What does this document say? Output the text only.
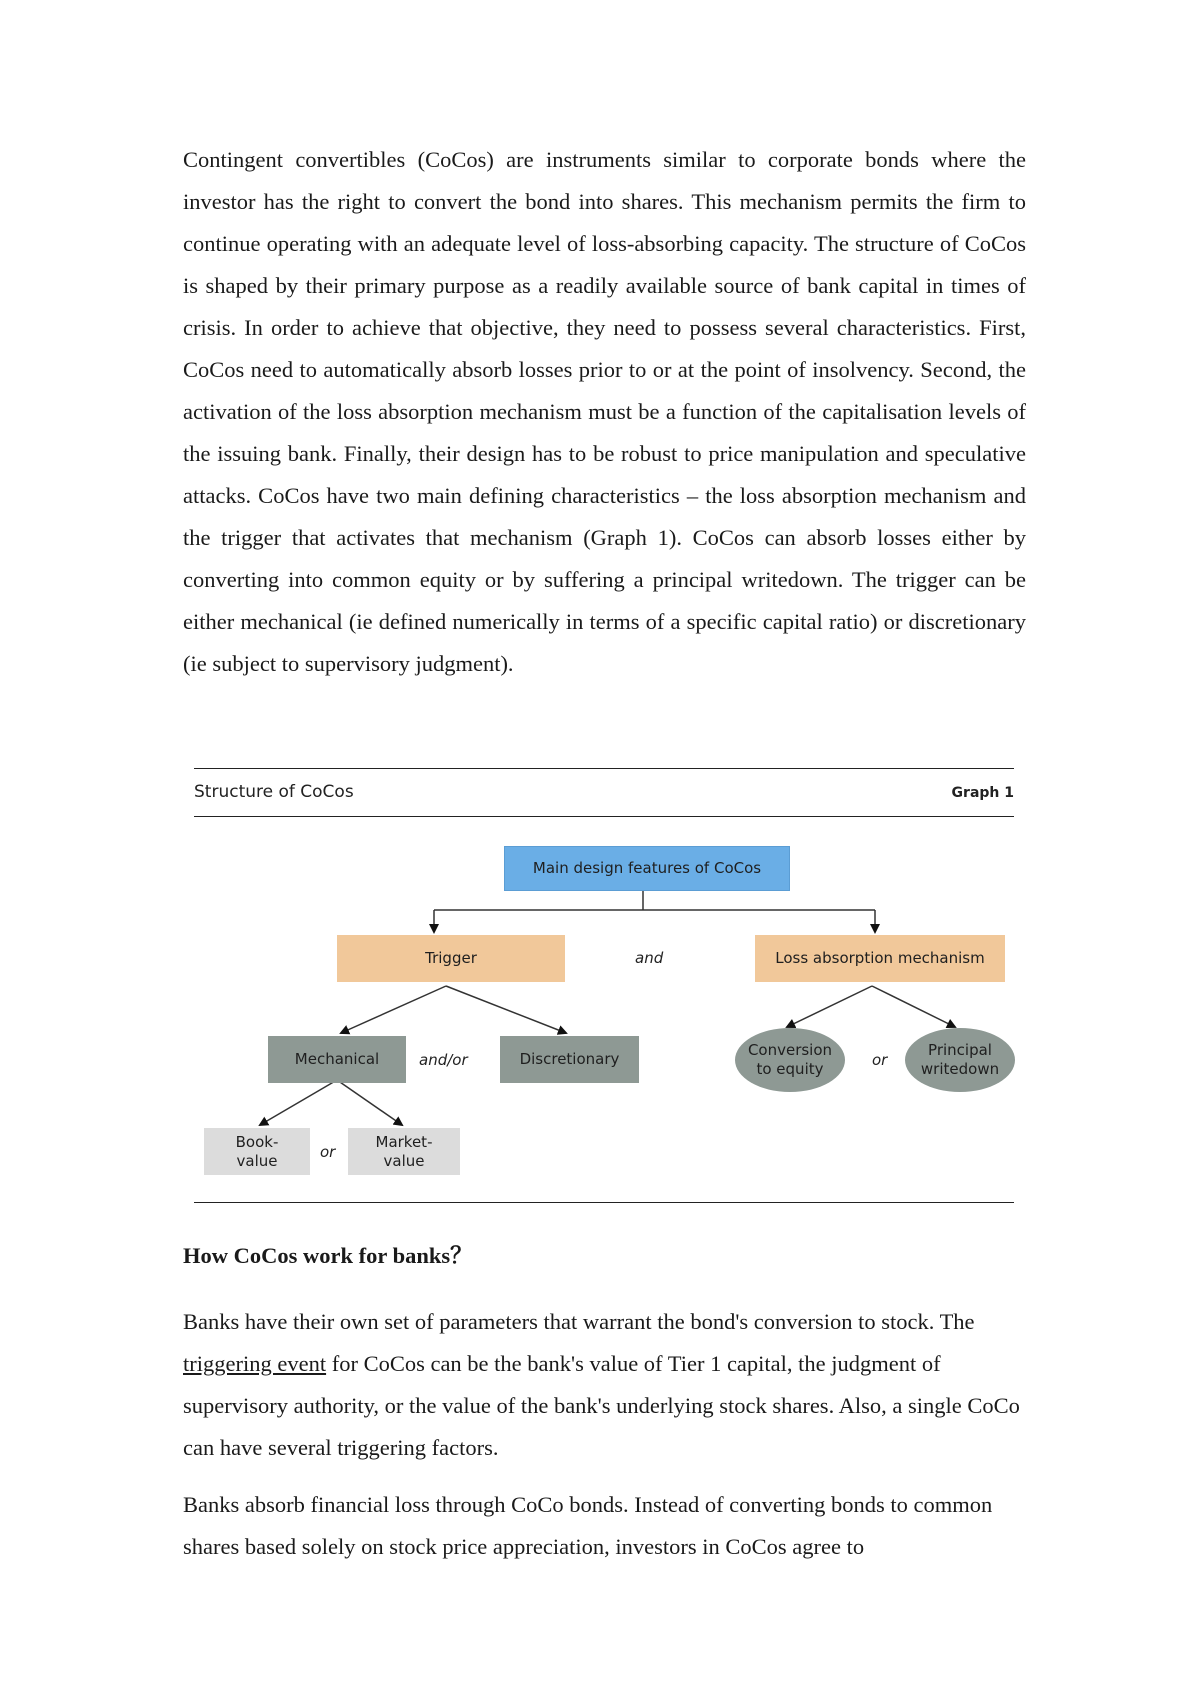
Contingent convertibles (CoCos) are instruments similar to corporate bonds where the investor has the right to convert the bond into shares. This mechanism permits the firm to continue operating with an adequate level of loss-absorbing capacity. The structure of CoCos is shaped by their primary purpose as a readily available source of bank capital in times of crisis. In order to achieve that objective, they need to possess several characteristics. First, CoCos need to automatically absorb losses prior to or at the point of insolvency. Second, the activation of the loss absorption mechanism must be a function of the capitalisation levels of the issuing bank. Finally, their design has to be robust to price manipulation and speculative attacks. CoCos have two main defining characteristics – the loss absorption mechanism and the trigger that activates that mechanism (Graph 1). CoCos can absorb losses either by converting into common equity or by suffering a principal writedown. The trigger can be either mechanical (ie defined numerically in terms of a specific capital ratio) or discretionary (ie subject to supervisory judgment).

Structure of CoCos	Graph 1
Main design features of CoCos
Trigger	and	Loss absorption mechanism
Mechanical	and/or	Discretionary	Conversion to equity	or
Principal writedown
Book-value	or
Market-value
How CoCos work for banks？

Banks have their own set of parameters that warrant the bond's conversion to stock. The triggering event for CoCos can be the bank's value of Tier 1 capital, the judgment of supervisory authority, or the value of the bank's underlying stock shares. Also, a single CoCo can have several triggering factors.

Banks absorb financial loss through CoCo bonds. Instead of converting bonds to common shares based solely on stock price appreciation, investors in CoCos agree to
